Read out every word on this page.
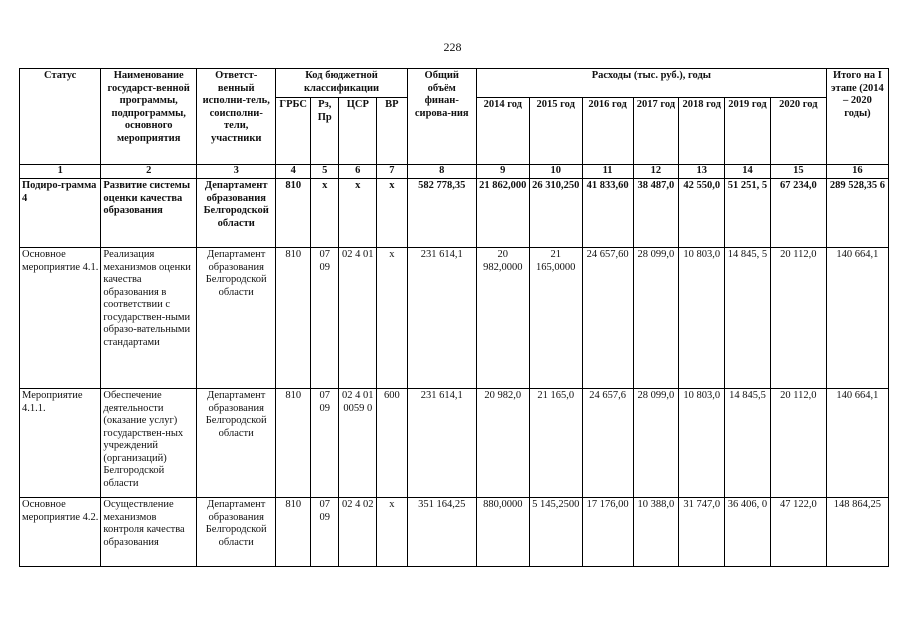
228
Статус	Наименование государст-венной программы, подпрограммы, основного мероприятия	Ответст-венный исполни-тель, соисполни-тели, участники	Код бюджетной классификации				Общий объём финан-сирова-ния	Расходы (тыс. руб.), годы							Итого на I этапе (2014 – 2020 годы)
			ГРБС	Рз, Пр	ЦСР	ВР		2014 год	2015 год	2016 год	2017 год	2018 год	2019 год	2020 год	
1	2	3	4	5	6	7	8	9	10	11	12	13	14	15	16
Подиро-грамма 4	Развитие системы оценки качества образования	Департамент образования Белгородской области	810	х	х	х	582 778,35	21 862,000	26 310,250	41 833,60	38 487,0	42 550,0	51 251, 5	67 234,0	289 528,35 6
Основное мероприятие 4.1.	Реализация механизмов оценки качества образования в соответствии с государствен-ными образо-вательными стандартами	Департамент образования Белгородской области	810	07 09	02 4 01	х	231 614,1	20 982,0000	21 165,0000	24 657,60	28 099,0	10 803,0	14 845, 5	20 112,0	140 664,1
Мероприятие 4.1.1.	Обеспечение деятельности (оказание услуг) государствен-ных учреждений (организаций) Белгородской области	Департамент образования Белгородской области	810	07 09	02 4 01 0059 0	600	231 614,1	20 982,0	21 165,0	24 657,6	28 099,0	10 803,0	14 845,5	20 112,0	140 664,1
Основное мероприятие 4.2.	Осуществление механизмов контроля качества образования	Департамент образования Белгородской области	810	07 09	02 4 02	х	351 164,25	880,0000	5 145,2500	17 176,00	10 388,0	31 747,0	36 406, 0	47 122,0	148 864,25
